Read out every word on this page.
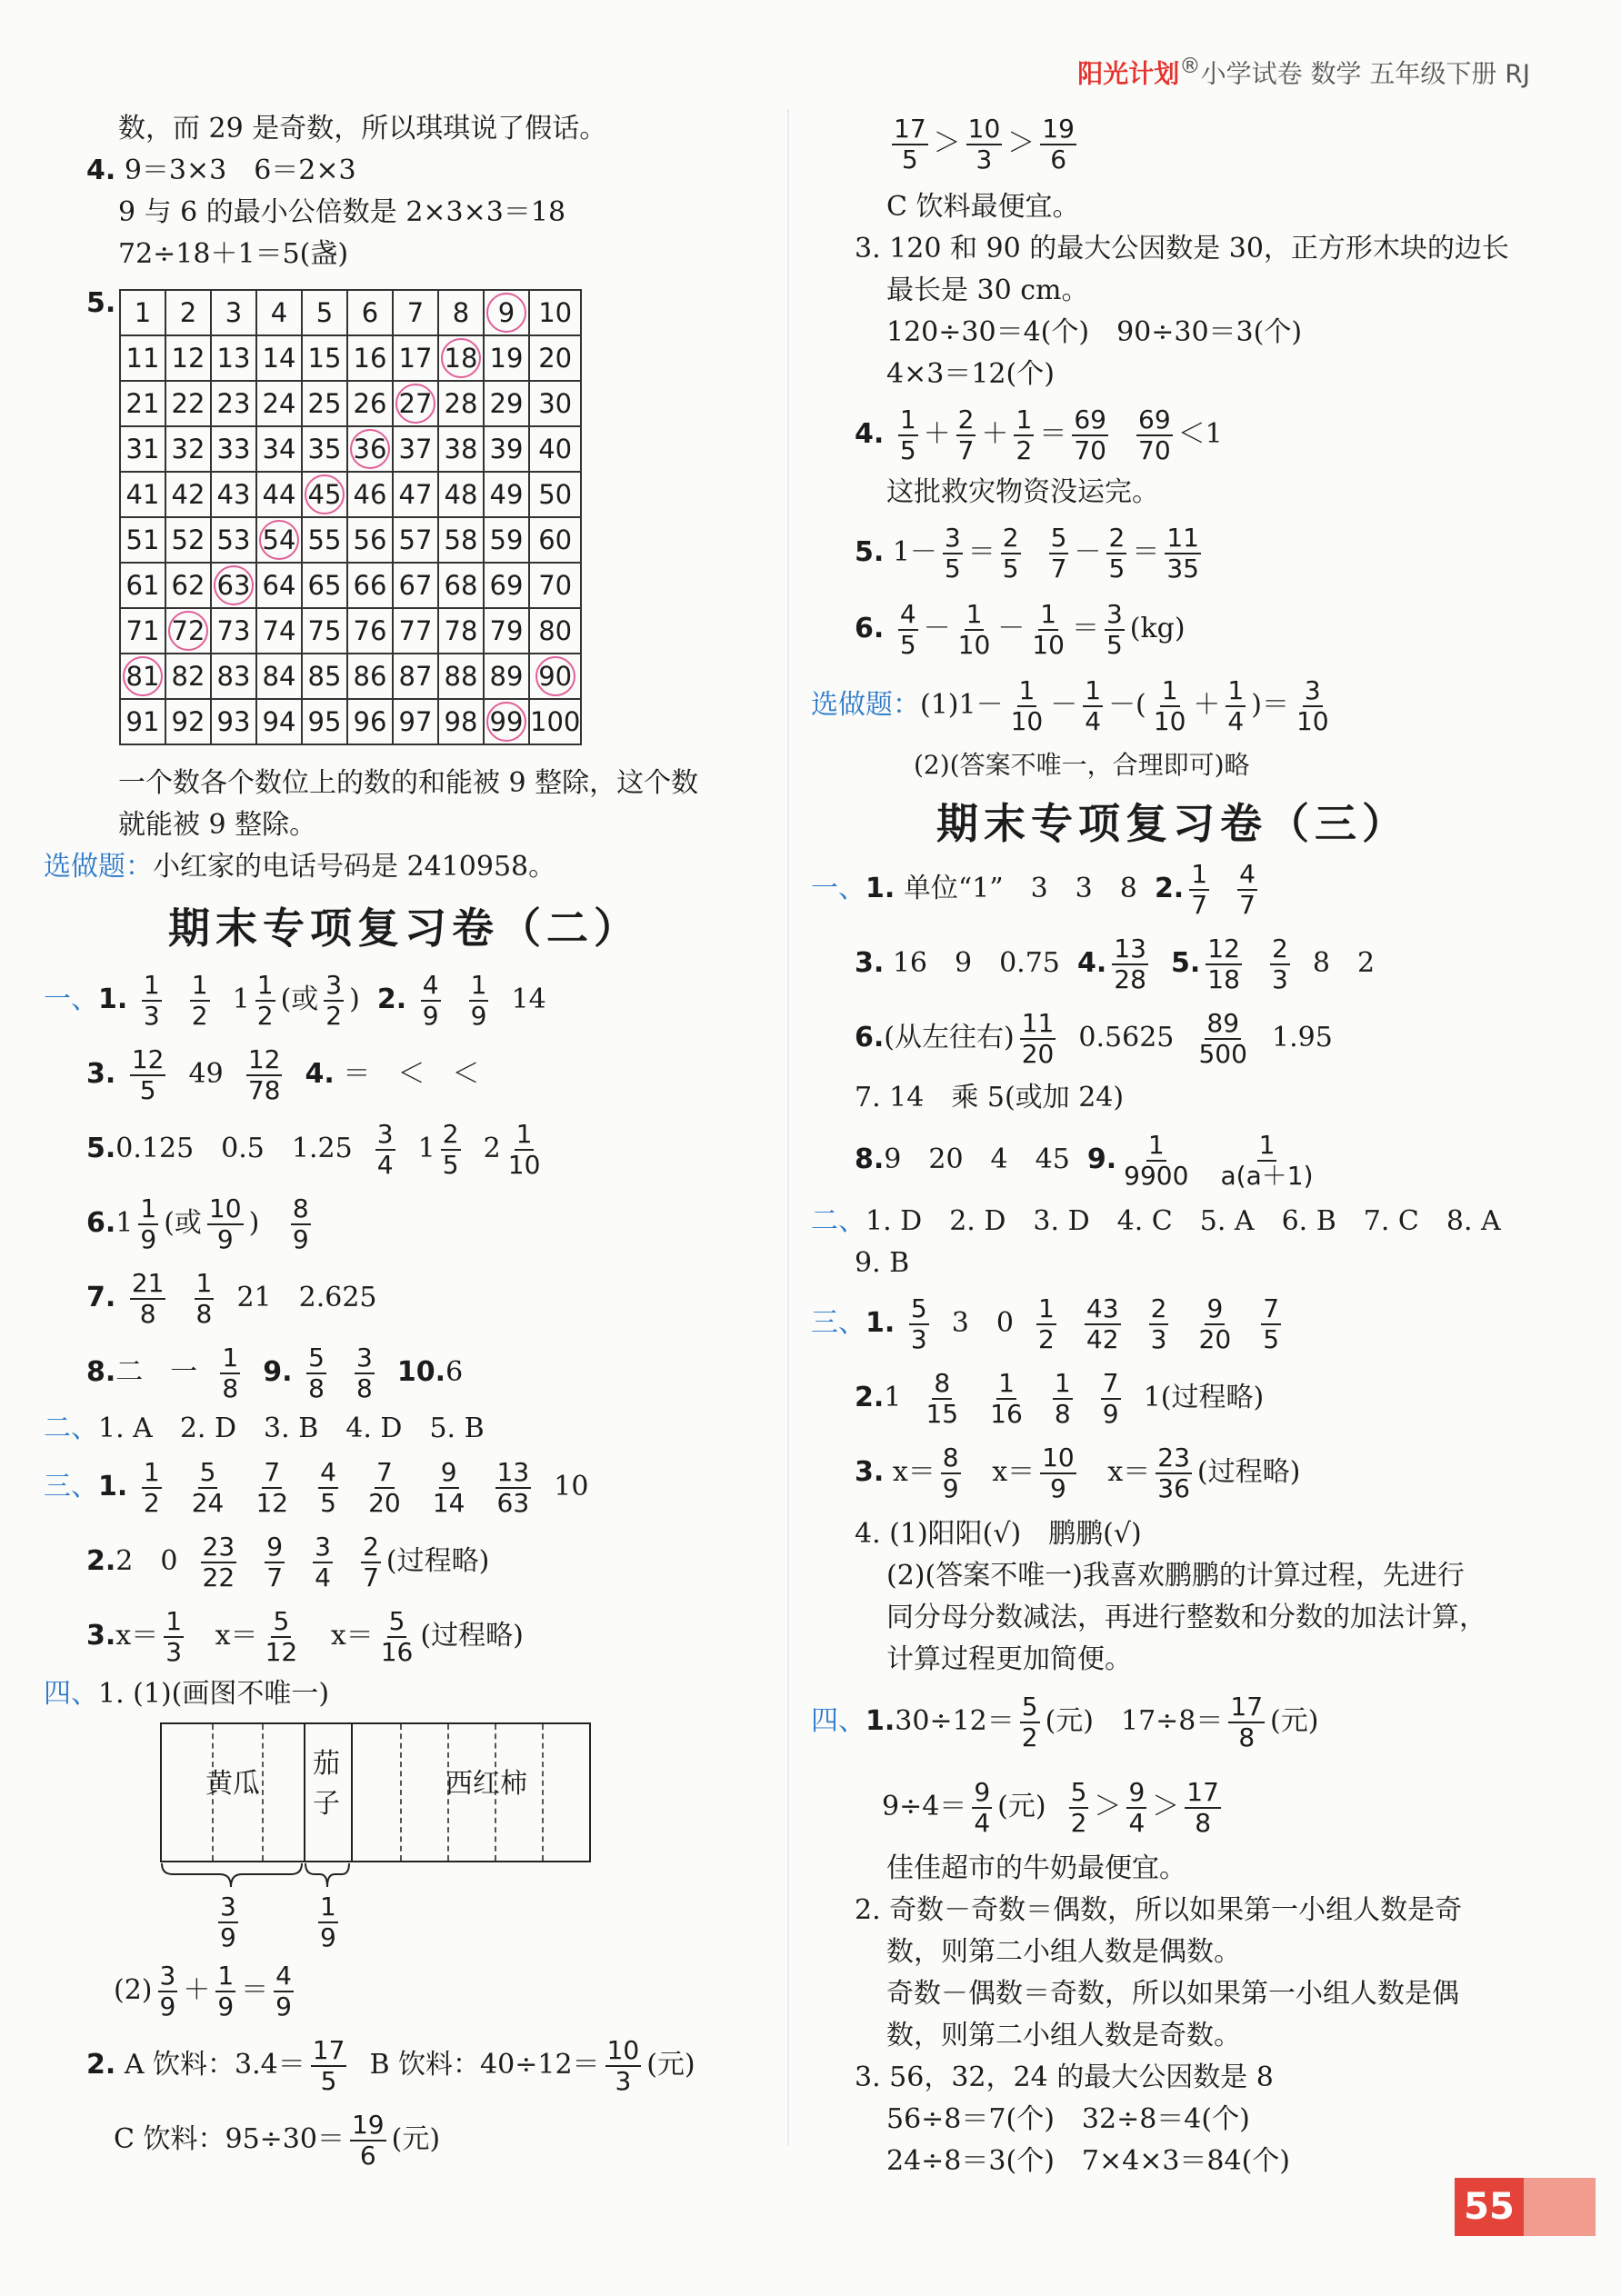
阳光计划®小学试卷 数学 五年级下册 RJ
数，而 29 是奇数，所以琪琪说了假话。
4. 9＝3×3　6＝2×3
9 与 6 的最小公倍数是 2×3×3＝18
72÷18＋1＝5(盏)
5. 1	2	3	4	5	6	7	8	9	10
11	12	13	14	15	16	17	18	19	20
21	22	23	24	25	26	27	28	29	30
31	32	33	34	35	36	37	38	39	40
41	42	43	44	45	46	47	48	49	50
51	52	53	54	55	56	57	58	59	60
61	62	63	64	65	66	67	68	69	70
71	72	73	74	75	76	77	78	79	80
81	82	83	84	85	86	87	88	89	90
91	92	93	94	95	96	97	98	99	100
一个数各个数位上的数的和能被 9 整除，这个数
就能被 9 整除。
选做题：小红家的电话号码是 2410958。
期末专项复习卷（二）
一、1. $\frac{1}{3}$
$\frac{1}{2} 1 \frac{1}{2}$ (或 $\frac{3}{2}$ ) 2. $\frac{4}{9}$
$\frac{1}{9} 14$
3. $\frac{12}{5} 49 \frac{12}{78} 4$. ＝　＜　＜
5.0.125　0.5　$1.25 \frac{3}{4} 1 \frac{2}{5} 2 \frac{1}{10}$
$6.1 \frac{1}{9}$ (或 $\frac{10}{9}$ ) $\frac{8}{9}$
7. $\frac{21}{8}$
$\frac{1}{8} 21$　2.625
8.二　一 $\frac{1}{8} 9$. $\frac{5}{8}$
$\frac{3}{8} 10.6$
二、1. A　2. D　3. B　4. D　5. B
三、1. $\frac{1}{2}$
$\frac{5}{24}$
$\frac{7}{12}$
$\frac{4}{5}$
$\frac{7}{20}$
$\frac{9}{14}$
$\frac{13}{63} 10$
2.2　$0 \frac{23}{22}$
$\frac{9}{7}$
$\frac{3}{4}$
$\frac{2}{7}$ (过程略)
$3.x= \frac{1}{3} x= \frac{5}{12} x= \frac{5}{16}$ (过程略)
四、1. (1)(画图不唯一)
黄瓜
茄
子
西红柿
$\frac{3}{9}$	$\frac{1}{9}$
$(2) \frac{3}{9} + \frac{1}{9} = \frac{4}{9}$
2. A 饮料：$3.4= \frac{17}{5}$ B 饮料：$40\div 12= \frac{10}{3}$ (元)
C 饮料：$95\div 30= \frac{19}{6}$ (元)
$\frac{17}{5} > \frac{10}{3} > \frac{19}{6}$
C 饮料最便宜。
3. 120 和 90 的最大公因数是 30，正方形木块的边长
最长是 30 cm。
120÷30＝4(个)　90÷30＝3(个)
4×3＝12(个)
4. $\frac{1}{5} + \frac{2}{7} + \frac{1}{2} = \frac{69}{70}$
$\frac{69}{70} <1$
这批救灾物资没运完。
5. $1- \frac{3}{5} = \frac{2}{5}$
$\frac{5}{7} - \frac{2}{5} = \frac{11}{35}$
6. $\frac{4}{5} - \frac{1}{10} - \frac{1}{10} = \frac{3}{5} (kg)$
选做题：$(1)1- \frac{1}{10} - \frac{1}{4}$ －( $\frac{1}{10} + \frac{1}{4}$ )＝ $\frac{3}{10}$
(2)(答案不唯一，合理即可)略
期末专项复习卷（三）
一、1. 单位“1”　3　3　8 2. $\frac{1}{7}$
$\frac{4}{7}$
3. 16　9　0.75 4. $\frac{13}{28} 5$. $\frac{12}{18}$
$\frac{2}{3} 8$　2
6.(从左往右) $\frac{11}{20} 0.5625 \frac{89}{500} 1.95$
7. 14　乘 5(或加 24)
8.9　20　4　45 9. $\frac{1}{9900}$
$\frac{1}{a(a+1)}$
二、1. D　2. D　3. D　4. C　5. A　6. B　7. C　8. A
9. B
三、1. $\frac{5}{3} 3$　$0 \frac{1}{2}$
$\frac{43}{42}$
$\frac{2}{3}$
$\frac{9}{20}$
$\frac{7}{5}$
$2.1 \frac{8}{15}$
$\frac{1}{16}$
$\frac{1}{8}$
$\frac{7}{9} 1$(过程略)
3. $x= \frac{8}{9} x= \frac{10}{9} x= \frac{23}{36}$ (过程略)
4. (1)阳阳(√)　鹏鹏(√)
(2)(答案不唯一)我喜欢鹏鹏的计算过程，先进行
同分母分数减法，再进行整数和分数的加法计算，
计算过程更加简便。
四、$1.30\div 12= \frac{5}{2}$ (元)　$17\div 8= \frac{17}{8}$ (元)
$9\div 4= \frac{9}{4}$ (元) $\frac{5}{2} > \frac{9}{4} > \frac{17}{8}$
佳佳超市的牛奶最便宜。
2. 奇数－奇数＝偶数，所以如果第一小组人数是奇
数，则第二小组人数是偶数。
奇数－偶数＝奇数，所以如果第一小组人数是偶
数，则第二小组人数是奇数。
3. 56，32，24 的最大公因数是 8
56÷8＝7(个)　32÷8＝4(个)
24÷8＝3(个)　7×4×3＝84(个)
55
